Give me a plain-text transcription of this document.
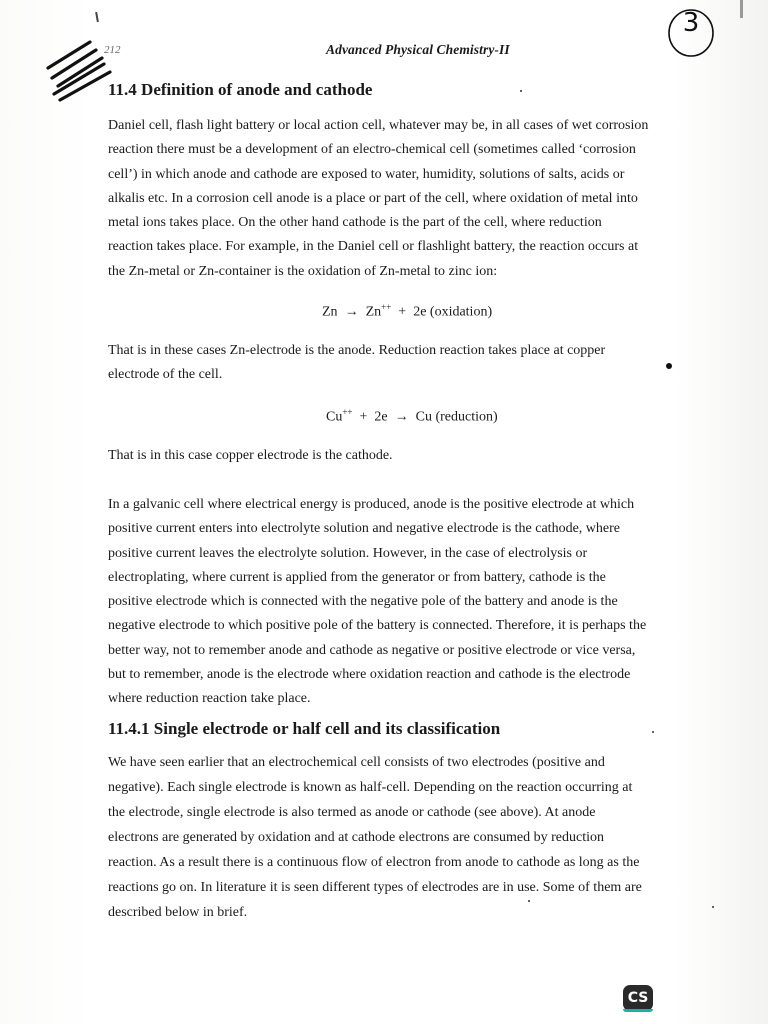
212	Advanced Physical Chemistry-II
3
11.4 Definition of anode and cathode

Daniel cell, flash light battery or local action cell, whatever may be, in all cases of wet corrosion
reaction there must be a development of an electro-chemical cell (sometimes called ‘corrosion
cell’) in which anode and cathode are exposed to water, humidity, solutions of salts, acids or
alkalis etc. In a corrosion cell anode is a place or part of the cell, where oxidation of metal into
metal ions takes place. On the other hand cathode is the part of the cell, where reduction
reaction takes place. For example, in the Daniel cell or flashlight battery, the reaction occurs at
the Zn-metal or Zn-container is the oxidation of Zn-metal to zinc ion:

Zn → Zn++ + 2e (oxidation)

That is in these cases Zn-electrode is the anode. Reduction reaction takes place at copper
electrode of the cell.

Cu++ + 2e → Cu (reduction)

That is in this case copper electrode is the cathode.

In a galvanic cell where electrical energy is produced, anode is the positive electrode at which
positive current enters into electrolyte solution and negative electrode is the cathode, where
positive current leaves the electrolyte solution. However, in the case of electrolysis or
electroplating, where current is applied from the generator or from battery, cathode is the
positive electrode which is connected with the negative pole of the battery and anode is the
negative electrode to which positive pole of the battery is connected. Therefore, it is perhaps the
better way, not to remember anode and cathode as negative or positive electrode or vice versa,
but to remember, anode is the electrode where oxidation reaction and cathode is the electrode
where reduction reaction take place.

11.4.1 Single electrode or half cell and its classification

We have seen earlier that an electrochemical cell consists of two electrodes (positive and
negative). Each single electrode is known as half-cell. Depending on the reaction occurring at
the electrode, single electrode is also termed as anode or cathode (see above). At anode
electrons are generated by oxidation and at cathode electrons are consumed by reduction
reaction. As a result there is a continuous flow of electron from anode to cathode as long as the
reactions go on. In literature it is seen different types of electrodes are in use. Some of them are
described below in brief.

CS
